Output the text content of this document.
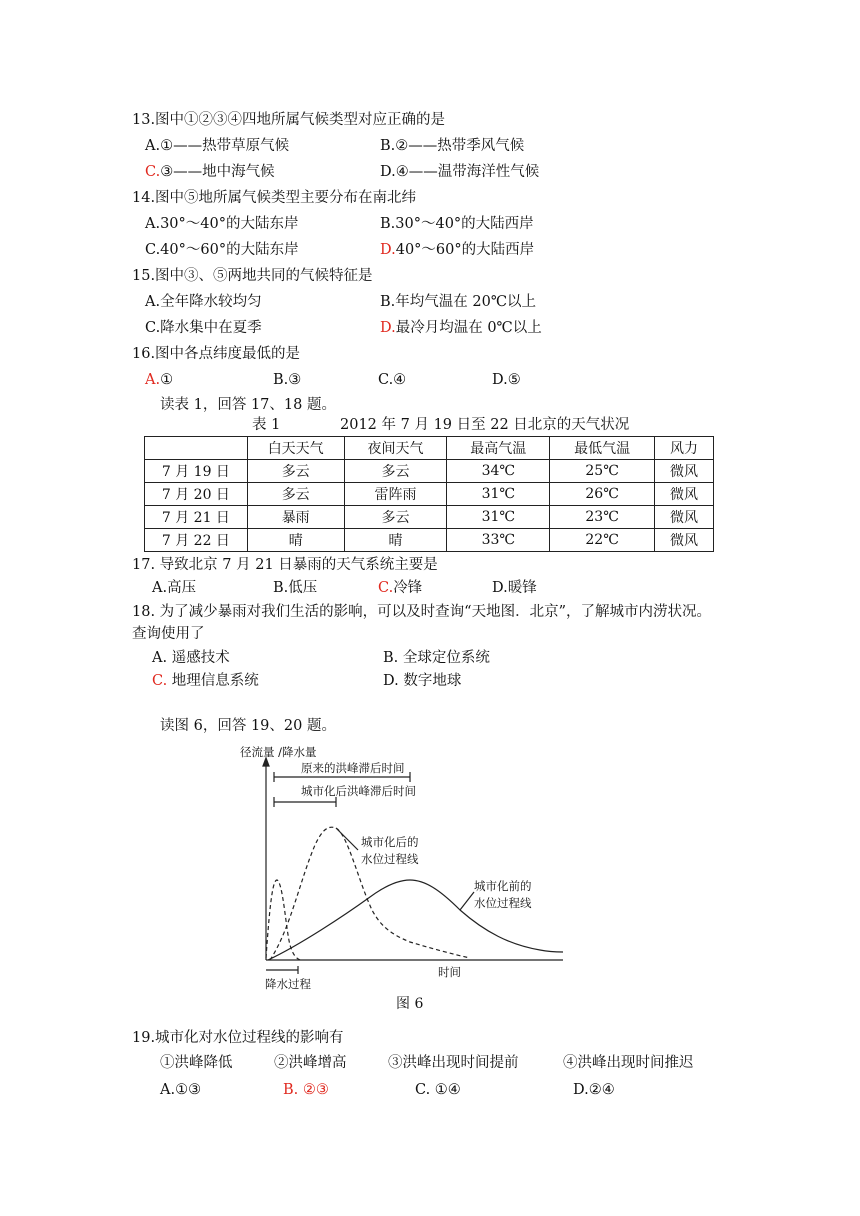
13.图中①②③④四地所属气候类型对应正确的是
A.①——热带草原气候	B.②——热带季风气候
C.③——地中海气候	D.④——温带海洋性气候
14.图中⑤地所属气候类型主要分布在南北纬
A.30°～40°的大陆东岸	B.30°～40°的大陆西岸
C.40°～60°的大陆东岸	D.40°～60°的大陆西岸
15.图中③、⑤两地共同的气候特征是
A.全年降水较均匀	B.年均气温在 20℃以上
C.降水集中在夏季	D.最冷月均温在 0℃以上
16.图中各点纬度最低的是
A.①	B.③	C.④	D.⑤
读表 1，回答 17、18 题。
表 1	2012 年 7 月 19 日至 22 日北京的天气状况
	白天天气	夜间天气	最高气温	最低气温	风力
7 月 19 日	多云	多云	34℃	25℃	微风
7 月 20 日	多云	雷阵雨	31℃	26℃	微风
7 月 21 日	暴雨	多云	31℃	23℃	微风
7 月 22 日	晴	晴	33℃	22℃	微风
17. 导致北京 7 月 21 日暴雨的天气系统主要是
A.高压	B.低压	C.冷锋	D.暖锋
18. 为了减少暴雨对我们生活的影响，可以及时查询“天地图．北京”，了解城市内涝状况。
查询使用了
A. 遥感技术	B. 全球定位系统
C. 地理信息系统	D. 数字地球
读图 6，回答 19、20 题。
径流量 /降水量
原来的洪峰滞后时间
城市化后洪峰滞后时间
城市化后的
水位过程线
城市化前的
水位过程线
时间
降水过程
图 6
19.城市化对水位过程线的影响有
①洪峰降低	②洪峰增高	③洪峰出现时间提前	④洪峰出现时间推迟
A.①③	B. ②③	C. ①④	D.②④
